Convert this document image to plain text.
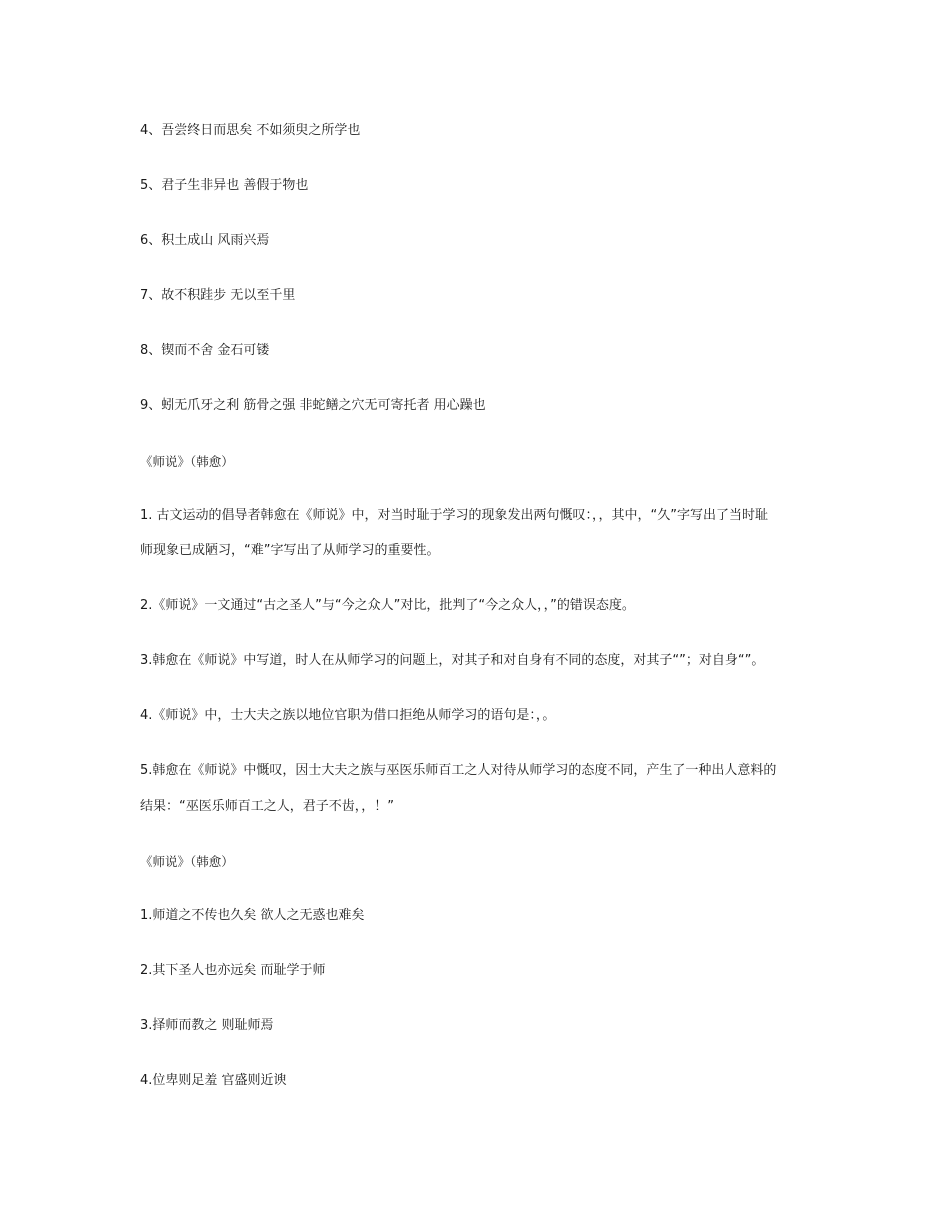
4、吾尝终日而思矣 不如须臾之所学也
5、君子生非异也 善假于物也
6、积土成山 风雨兴焉
7、故不积跬步 无以至千里
8、锲而不舍 金石可镂
9、蚓无爪牙之利 筋骨之强 非蛇鳝之穴无可寄托者 用心躁也
《师说》（韩愈）
1. 古文运动的倡导者韩愈在《师说》中，对当时耻于学习的现象发出两句慨叹：，，其中，“久”字写出了当时耻
师现象已成陋习，“难”字写出了从师学习的重要性。
2.《师说》一文通过“古之圣人”与“今之众人”对比，批判了“今之众人，，”的错误态度。
3.韩愈在《师说》中写道，时人在从师学习的问题上，对其子和对自身有不同的态度，对其子“”；对自身“”。
4.《师说》中，士大夫之族以地位官职为借口拒绝从师学习的语句是：，。
5.韩愈在《师说》中慨叹，因士大夫之族与巫医乐师百工之人对待从师学习的态度不同，产生了一种出人意料的
结果：“巫医乐师百工之人，君子不齿，，！”
《师说》（韩愈）
1.师道之不传也久矣 欲人之无惑也难矣
2.其下圣人也亦远矣 而耻学于师
3.择师而教之 则耻师焉
4.位卑则足羞 官盛则近谀
